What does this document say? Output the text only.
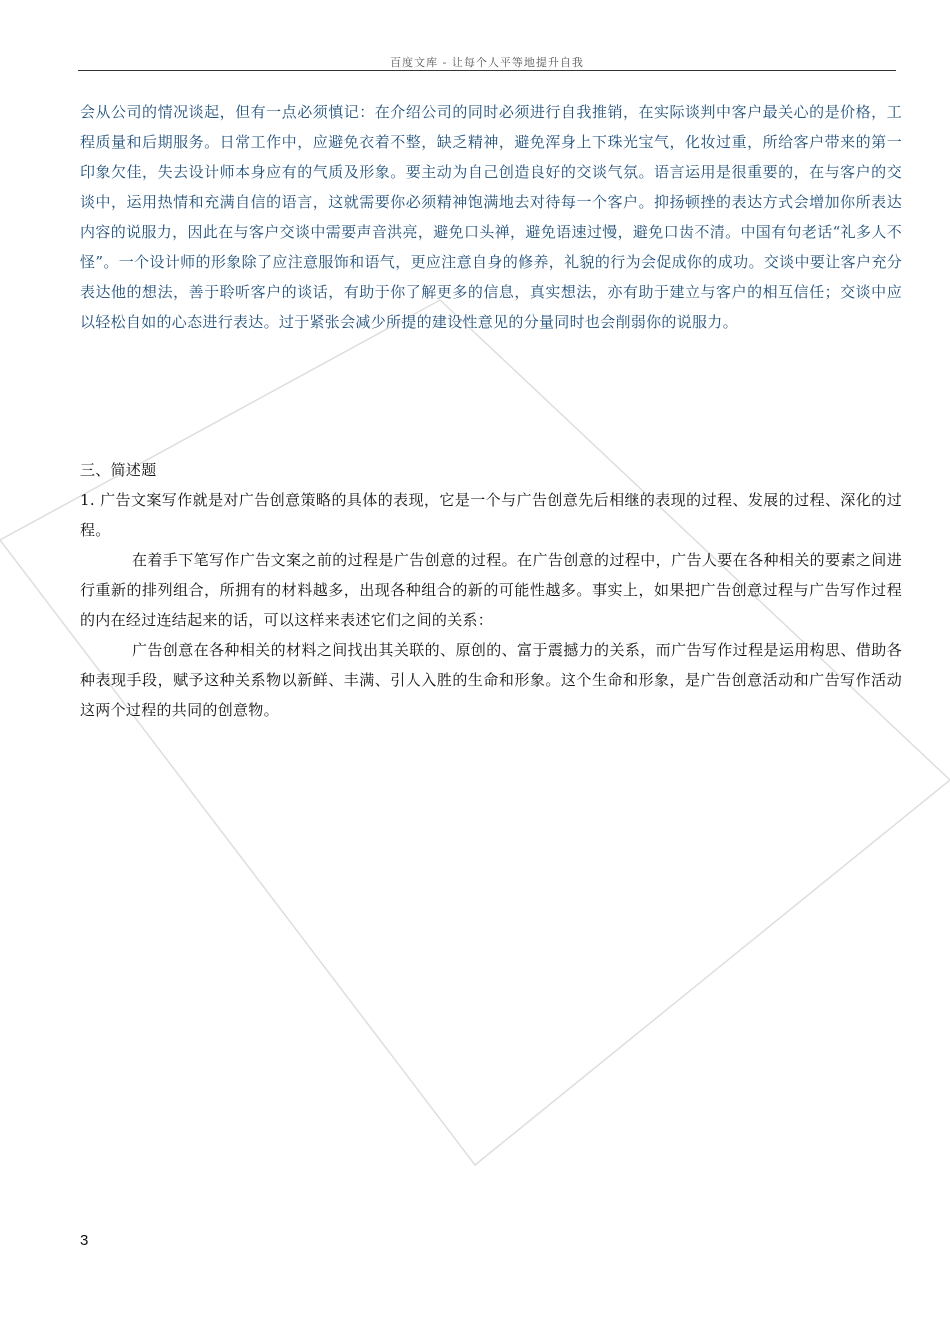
百度文库 - 让每个人平等地提升自我

会从公司的情况谈起，但有一点必须慎记：在介绍公司的同时必须进行自我推销，在实际谈判中客户最关心的是价格，工程质量和后期服务。日常工作中，应避免衣着不整，缺乏精神，避免浑身上下珠光宝气，化妆过重，所给客户带来的第一印象欠佳，失去设计师本身应有的气质及形象。要主动为自己创造良好的交谈气氛。语言运用是很重要的，在与客户的交谈中，运用热情和充满自信的语言，这就需要你必须精神饱满地去对待每一个客户。抑扬顿挫的表达方式会增加你所表达内容的说服力，因此在与客户交谈中需要声音洪亮，避免口头禅，避免语速过慢，避免口齿不清。中国有句老话“礼多人不怪”。一个设计师的形象除了应注意服饰和语气，更应注意自身的修养，礼貌的行为会促成你的成功。交谈中要让客户充分表达他的想法，善于聆听客户的谈话，有助于你了解更多的信息，真实想法，亦有助于建立与客户的相互信任；交谈中应以轻松自如的心态进行表达。过于紧张会减少所提的建设性意见的分量同时也会削弱你的说服力。

三、简述题

1. 广告文案写作就是对广告创意策略的具体的表现，它是一个与广告创意先后相继的表现的过程、发展的过程、深化的过程。

在着手下笔写作广告文案之前的过程是广告创意的过程。在广告创意的过程中，广告人要在各种相关的要素之间进行重新的排列组合，所拥有的材料越多，出现各种组合的新的可能性越多。事实上，如果把广告创意过程与广告写作过程的内在经过连结起来的话，可以这样来表述它们之间的关系：

广告创意在各种相关的材料之间找出其关联的、原创的、富于震撼力的关系，而广告写作过程是运用构思、借助各种表现手段，赋予这种关系物以新鲜、丰满、引人入胜的生命和形象。这个生命和形象，是广告创意活动和广告写作活动这两个过程的共同的创意物。

3
